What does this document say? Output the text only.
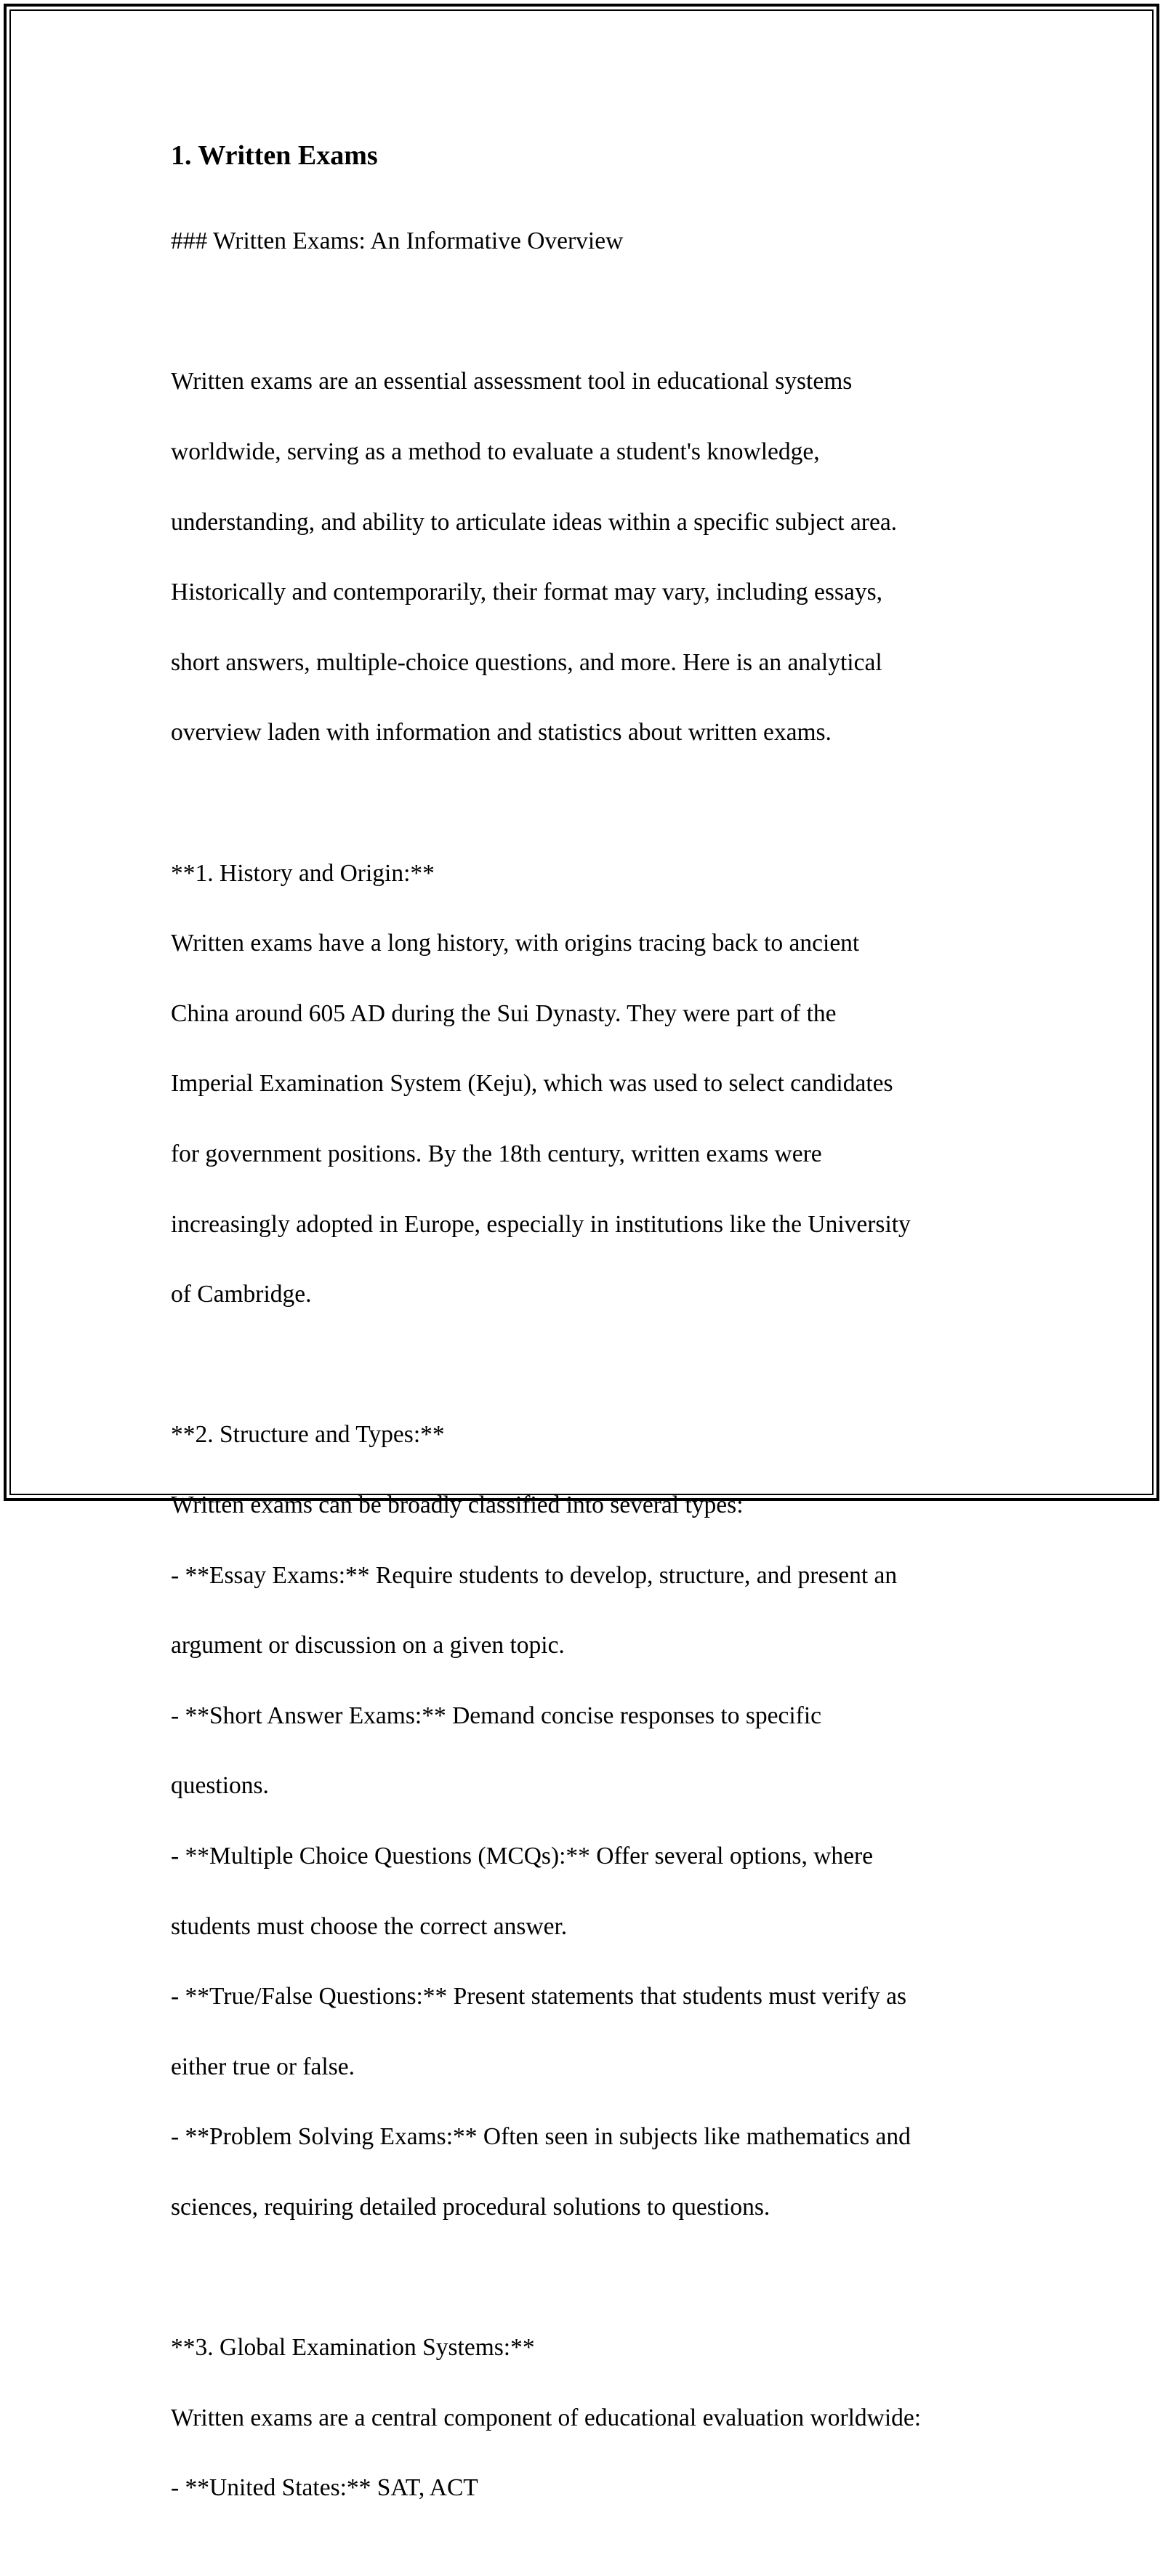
1. Written Exams

### Written Exams: An Informative Overview

Written exams are an essential assessment tool in educational systems

worldwide, serving as a method to evaluate a student's knowledge,

understanding, and ability to articulate ideas within a specific subject area.

Historically and contemporarily, their format may vary, including essays,

short answers, multiple-choice questions, and more. Here is an analytical

overview laden with information and statistics about written exams.

**1. History and Origin:**

Written exams have a long history, with origins tracing back to ancient

China around 605 AD during the Sui Dynasty. They were part of the

Imperial Examination System (Keju), which was used to select candidates

for government positions. By the 18th century, written exams were

increasingly adopted in Europe, especially in institutions like the University

of Cambridge.

**2. Structure and Types:**

Written exams can be broadly classified into several types:

- **Essay Exams:** Require students to develop, structure, and present an

argument or discussion on a given topic.

- **Short Answer Exams:** Demand concise responses to specific

questions.

- **Multiple Choice Questions (MCQs):** Offer several options, where

students must choose the correct answer.

- **True/False Questions:** Present statements that students must verify as

either true or false.

- **Problem Solving Exams:** Often seen in subjects like mathematics and

sciences, requiring detailed procedural solutions to questions.

**3. Global Examination Systems:**

Written exams are a central component of educational evaluation worldwide:

- **United States:** SAT, ACT
